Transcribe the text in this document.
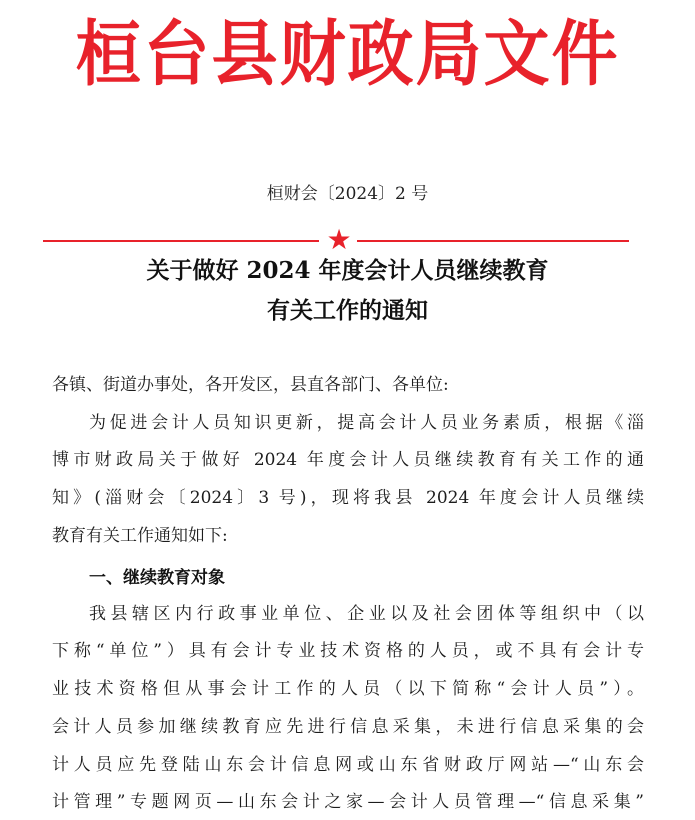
桓台县财政局文件
桓财会〔2024〕2 号
★
关于做好 2024 年度会计人员继续教育
有关工作的通知
各镇、街道办事处，各开发区，县直各部门、各单位:
为促进会计人员知识更新，提高会计人员业务素质，根据《淄
博市财政局关于做好 2024 年度会计人员继续教育有关工作的通
知》(淄财会〔2024〕3 号)，现将我县 2024 年度会计人员继续
教育有关工作通知如下:
一、继续教育对象
我县辖区内行政事业单位、企业以及社会团体等组织中（以
下称“单位”）具有会计专业技术资格的人员，或不具有会计专
业技术资格但从事会计工作的人员（以下简称“会计人员”）。
会计人员参加继续教育应先进行信息采集，未进行信息采集的会
计人员应先登陆山东会计信息网或山东省财政厅网站—“山东会
计管理”专题网页—山东会计之家—会计人员管理—“信息采集”
